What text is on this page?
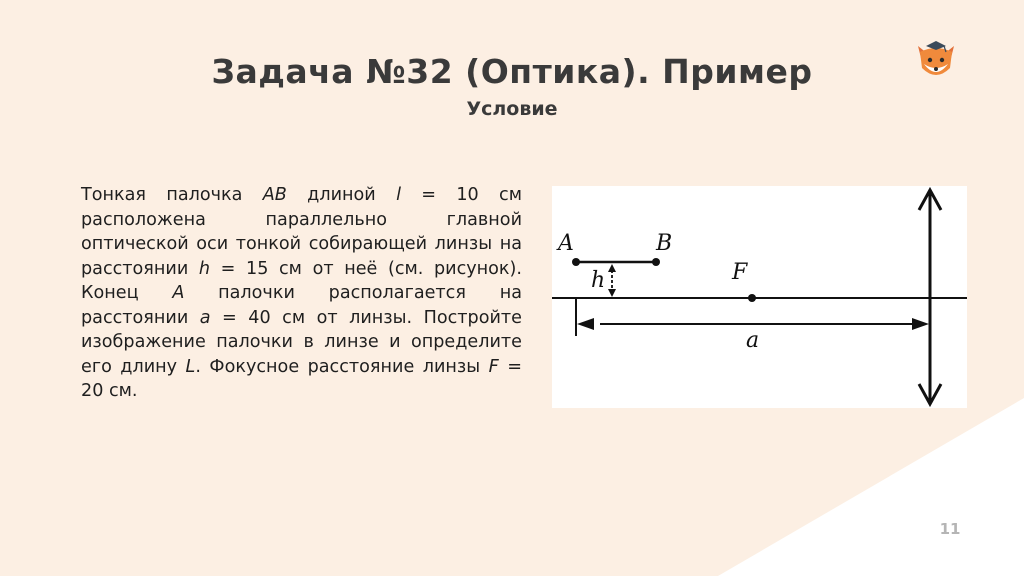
Задача №32 (Оптика). Пример
Условие
Тонкая палочка AB длиной l = 10 см расположена параллельно главной оптической оси тонкой собирающей линзы на расстоянии h = 15 см от неё (см. рисунок). Конец A палочки располагается на расстоянии a = 40 см от линзы. Постройте изображение палочки в линзе и определите его длину L. Фокусное расстояние линзы F = 20 см.
A	B
h	F
a
11
